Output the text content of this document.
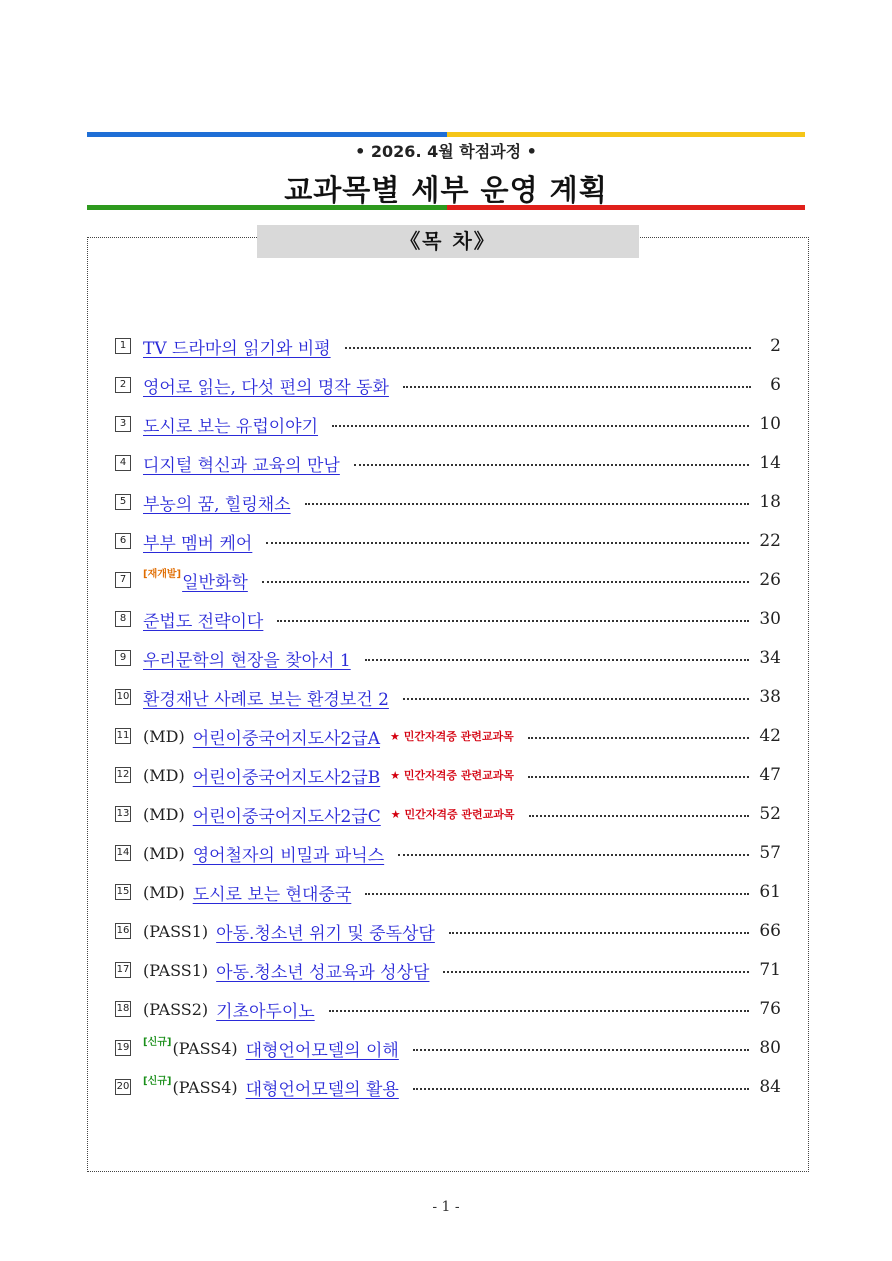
• 2026. 4월 학점과정 •
교과목별 세부 운영 계획
《목 차》
1 TV 드라마의 읽기와 비평	2
2 영어로 읽는, 다섯 편의 명작 동화	6
3 도시로 보는 유럽이야기	10
4 디지털 혁신과 교육의 만남	14
5 부농의 꿈, 힐링채소	18
6 부부 멤버 케어	22
7	[재개발] 일반화학	26
8 준법도 전략이다	30
9 우리문학의 현장을 찾아서 1	34
10 환경재난 사례로 보는 환경보건 2	38
11 (MD) 어린이중국어지도사2급A ★ 민간자격증 관련교과목	42
12 (MD) 어린이중국어지도사2급B ★ 민간자격증 관련교과목	47
13 (MD) 어린이중국어지도사2급C ★ 민간자격증 관련교과목	52
14 (MD) 영어철자의 비밀과 파닉스	57
15 (MD) 도시로 보는 현대중국	61
16 (PASS1) 아동.청소년 위기 및 중독상담	66
17 (PASS1) 아동.청소년 성교육과 성상담	71
18 (PASS2) 기초아두이노	76
19 [신규] (PASS4) 대형언어모델의 이해	80
20 [신규] (PASS4) 대형언어모델의 활용	84
- 1 -
